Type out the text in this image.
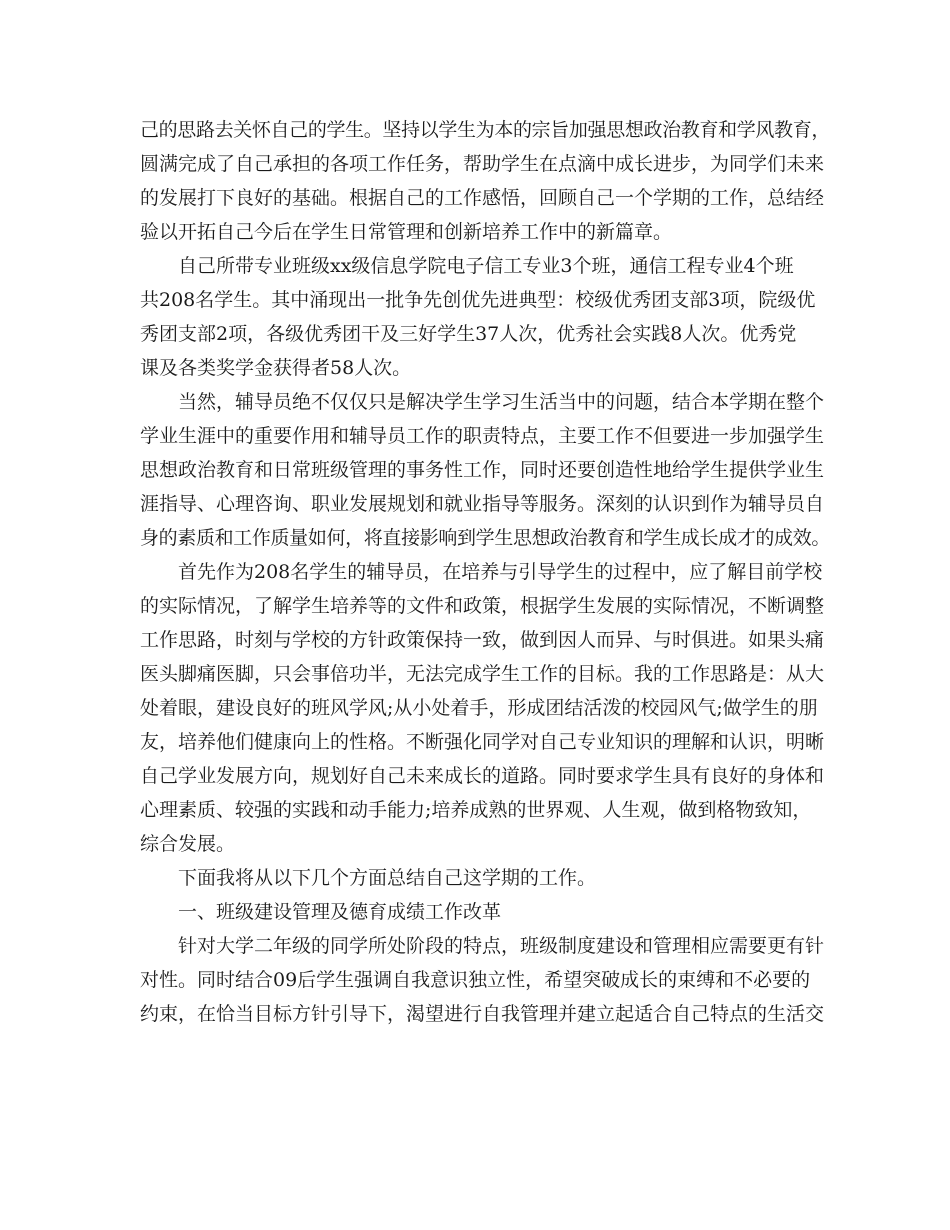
己的思路去关怀自己的学生。坚持以学生为本的宗旨加强思想政治教育和学风教育，
圆满完成了自己承担的各项工作任务，帮助学生在点滴中成长进步，为同学们未来
的发展打下良好的基础。根据自己的工作感悟，回顾自己一个学期的工作，总结经
验以开拓自己今后在学生日常管理和创新培养工作中的新篇章。
自己所带专业班级xx级信息学院电子信工专业3个班，通信工程专业4个班
共208名学生。其中涌现出一批争先创优先进典型：校级优秀团支部3项，院级优
秀团支部2项，各级优秀团干及三好学生37人次，优秀社会实践8人次。优秀党
课及各类奖学金获得者58人次。
当然，辅导员绝不仅仅只是解决学生学习生活当中的问题，结合本学期在整个
学业生涯中的重要作用和辅导员工作的职责特点，主要工作不但要进一步加强学生
思想政治教育和日常班级管理的事务性工作，同时还要创造性地给学生提供学业生
涯指导、心理咨询、职业发展规划和就业指导等服务。深刻的认识到作为辅导员自
身的素质和工作质量如何，将直接影响到学生思想政治教育和学生成长成才的成效。
首先作为208名学生的辅导员，在培养与引导学生的过程中，应了解目前学校
的实际情况，了解学生培养等的文件和政策，根据学生发展的实际情况，不断调整
工作思路，时刻与学校的方针政策保持一致，做到因人而异、与时俱进。如果头痛
医头脚痛医脚，只会事倍功半，无法完成学生工作的目标。我的工作思路是：从大
处着眼，建设良好的班风学风;从小处着手，形成团结活泼的校园风气;做学生的朋
友，培养他们健康向上的性格。不断强化同学对自己专业知识的理解和认识，明晰
自己学业发展方向，规划好自己未来成长的道路。同时要求学生具有良好的身体和
心理素质、较强的实践和动手能力;培养成熟的世界观、人生观，做到格物致知，
综合发展。
下面我将从以下几个方面总结自己这学期的工作。
一、班级建设管理及德育成绩工作改革
针对大学二年级的同学所处阶段的特点，班级制度建设和管理相应需要更有针
对性。同时结合09后学生强调自我意识独立性，希望突破成长的束缚和不必要的
约束，在恰当目标方针引导下，渴望进行自我管理并建立起适合自己特点的生活交
